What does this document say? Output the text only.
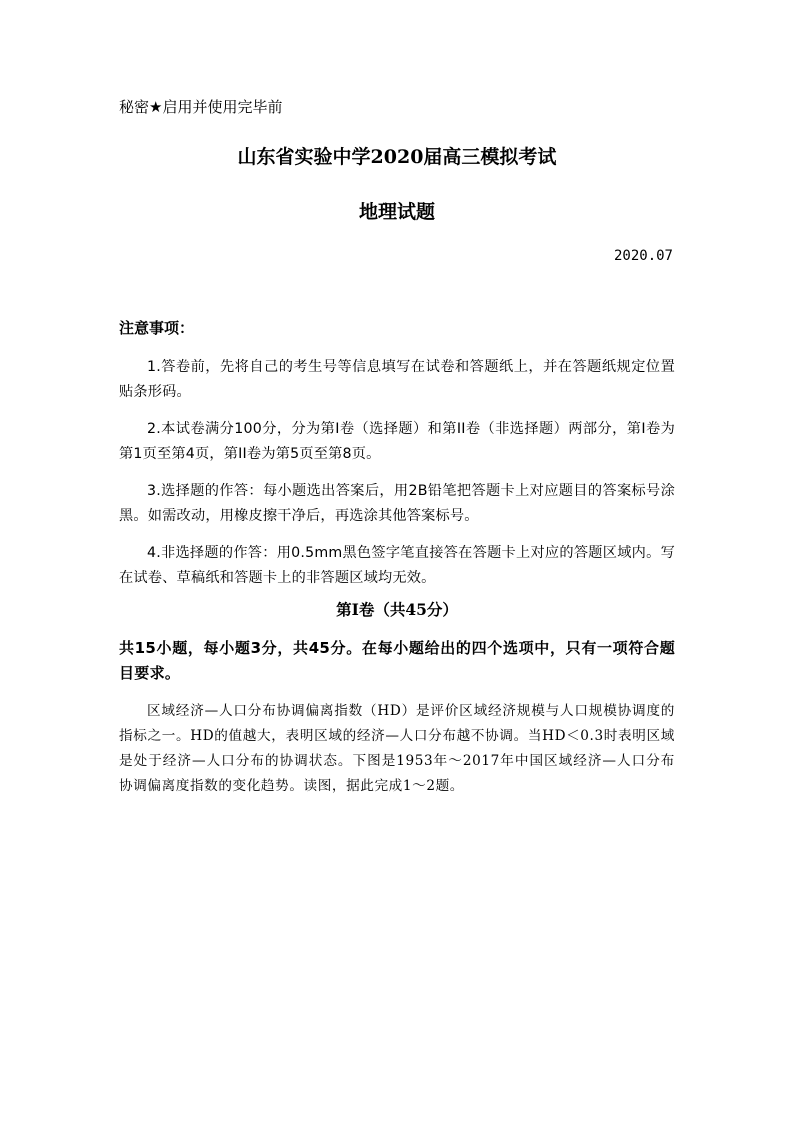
秘密★启用并使用完毕前
山东省实验中学2020届高三模拟考试
地理试题
2020.07
注意事项：
1.答卷前，先将自己的考生号等信息填写在试卷和答题纸上，并在答题纸规定位置贴条形码。
2.本试卷满分100分，分为第I卷（选择题）和第II卷（非选择题）两部分，第I卷为第1页至第4页，第II卷为第5页至第8页。
3.选择题的作答：每小题选出答案后，用2B铅笔把答题卡上对应题目的答案标号涂黑。如需改动，用橡皮擦干净后，再选涂其他答案标号。
4.非选择题的作答：用0.5mm黑色签字笔直接答在答题卡上对应的答题区域内。写在试卷、草稿纸和答题卡上的非答题区域均无效。
第I卷（共45分）
共15小题，每小题3分，共45分。在每小题给出的四个选项中，只有一项符合题目要求。
区域经济—人口分布协调偏离指数（HD）是评价区域经济规模与人口规模协调度的指标之一。HD的值越大，表明区域的经济—人口分布越不协调。当HD＜0.3时表明区域是处于经济—人口分布的协调状态。下图是1953年～2017年中国区域经济—人口分布协调偏离度指数的变化趋势。读图，据此完成1～2题。
